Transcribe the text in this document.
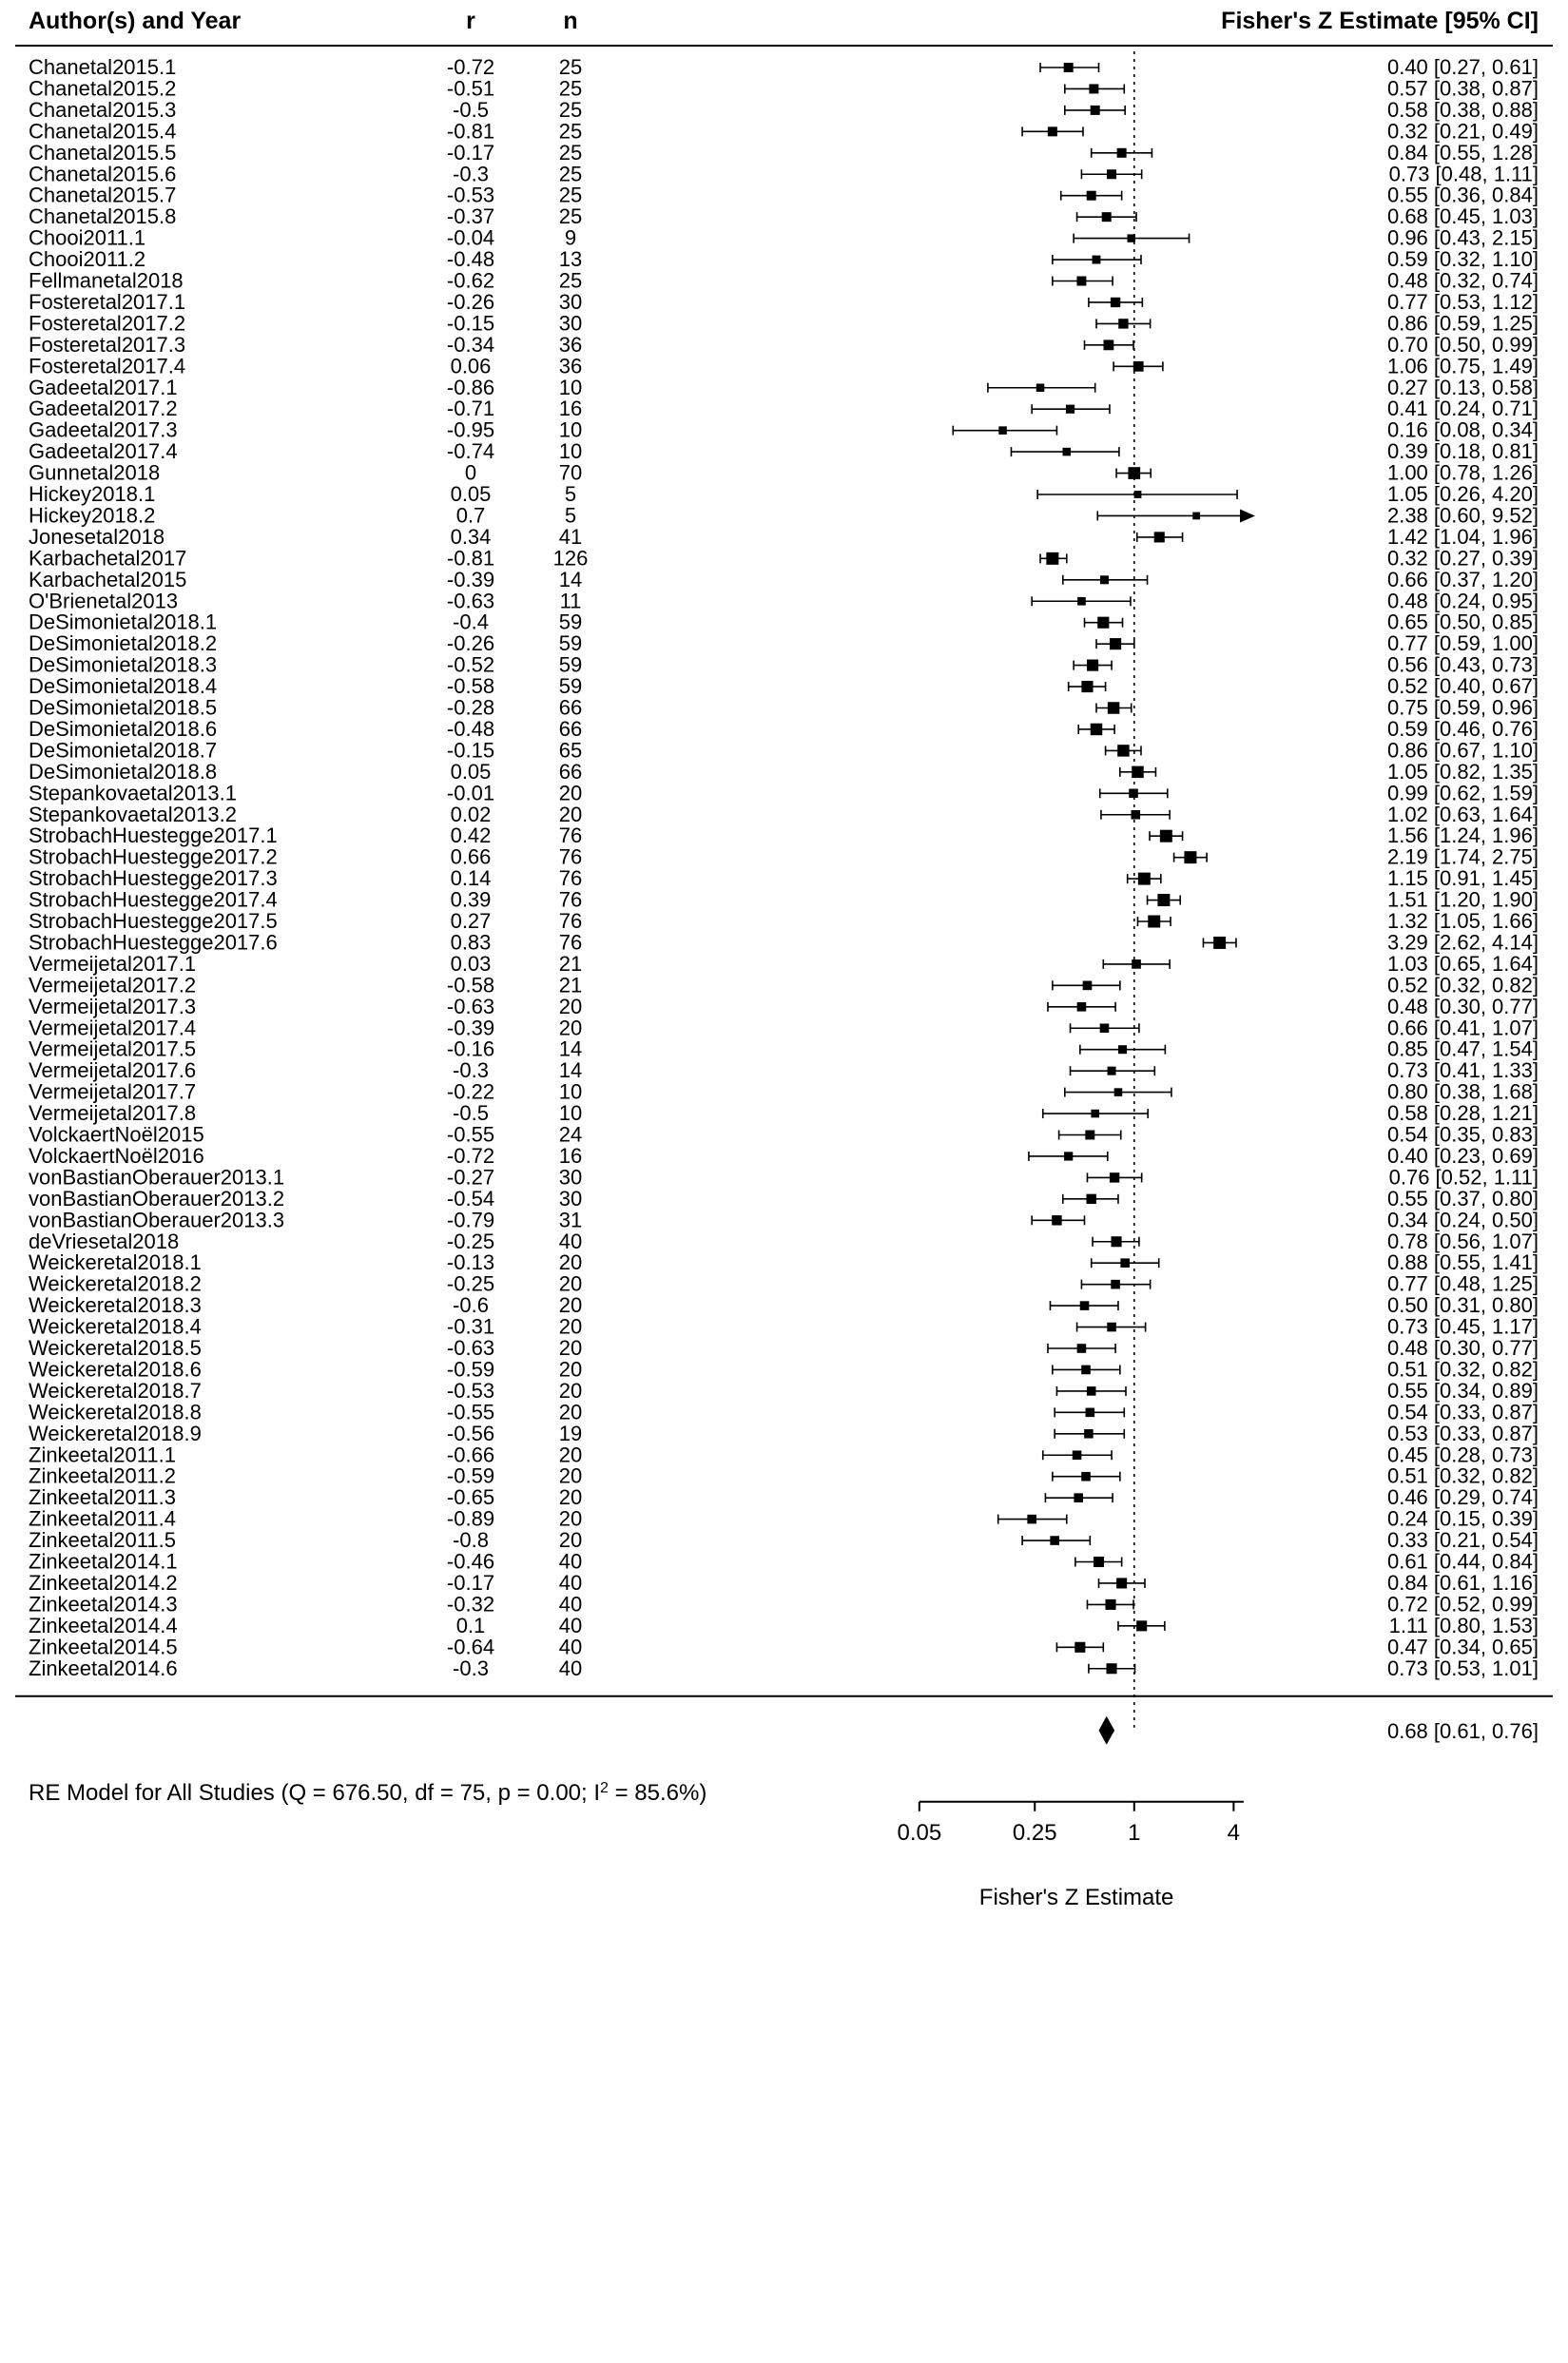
Author(s) and Year	r	n	Fisher's Z Estimate [95% CI]
Chanetal2015.1	-0.72	25	0.40 [0.27, 0.61]
Chanetal2015.2	-0.51	25	0.57 [0.38, 0.87]
Chanetal2015.3	-0.5	25	0.58 [0.38, 0.88]
Chanetal2015.4	-0.81	25	0.32 [0.21, 0.49]
Chanetal2015.5	-0.17	25	0.84 [0.55, 1.28]
Chanetal2015.6	-0.3	25	0.73 [0.48, 1.11]
Chanetal2015.7	-0.53	25	0.55 [0.36, 0.84]
Chanetal2015.8	-0.37	25	0.68 [0.45, 1.03]
Chooi2011.1	-0.04	9	0.96 [0.43, 2.15]
Chooi2011.2	-0.48	13	0.59 [0.32, 1.10]
Fellmanetal2018	-0.62	25	0.48 [0.32, 0.74]
Fosteretal2017.1	-0.26	30	0.77 [0.53, 1.12]
Fosteretal2017.2	-0.15	30	0.86 [0.59, 1.25]
Fosteretal2017.3	-0.34	36	0.70 [0.50, 0.99]
Fosteretal2017.4	0.06	36	1.06 [0.75, 1.49]
Gadeetal2017.1	-0.86	10	0.27 [0.13, 0.58]
Gadeetal2017.2	-0.71	16	0.41 [0.24, 0.71]
Gadeetal2017.3	-0.95	10	0.16 [0.08, 0.34]
Gadeetal2017.4	-0.74	10	0.39 [0.18, 0.81]
Gunnetal2018	0	70	1.00 [0.78, 1.26]
Hickey2018.1	0.05	5	1.05 [0.26, 4.20]
Hickey2018.2	0.7	5	2.38 [0.60, 9.52]
Jonesetal2018	0.34	41	1.42 [1.04, 1.96]
Karbachetal2017	-0.81	126	0.32 [0.27, 0.39]
Karbachetal2015	-0.39	14	0.66 [0.37, 1.20]
O'Brienetal2013	-0.63	11	0.48 [0.24, 0.95]
DeSimonietal2018.1	-0.4	59	0.65 [0.50, 0.85]
DeSimonietal2018.2	-0.26	59	0.77 [0.59, 1.00]
DeSimonietal2018.3	-0.52	59	0.56 [0.43, 0.73]
DeSimonietal2018.4	-0.58	59	0.52 [0.40, 0.67]
DeSimonietal2018.5	-0.28	66	0.75 [0.59, 0.96]
DeSimonietal2018.6	-0.48	66	0.59 [0.46, 0.76]
DeSimonietal2018.7	-0.15	65	0.86 [0.67, 1.10]
DeSimonietal2018.8	0.05	66	1.05 [0.82, 1.35]
Stepankovaetal2013.1	-0.01	20	0.99 [0.62, 1.59]
Stepankovaetal2013.2	0.02	20	1.02 [0.63, 1.64]
StrobachHuestegge2017.1	0.42	76	1.56 [1.24, 1.96]
StrobachHuestegge2017.2	0.66	76	2.19 [1.74, 2.75]
StrobachHuestegge2017.3	0.14	76	1.15 [0.91, 1.45]
StrobachHuestegge2017.4	0.39	76	1.51 [1.20, 1.90]
StrobachHuestegge2017.5	0.27	76	1.32 [1.05, 1.66]
StrobachHuestegge2017.6	0.83	76	3.29 [2.62, 4.14]
Vermeijetal2017.1	0.03	21	1.03 [0.65, 1.64]
Vermeijetal2017.2	-0.58	21	0.52 [0.32, 0.82]
Vermeijetal2017.3	-0.63	20	0.48 [0.30, 0.77]
Vermeijetal2017.4	-0.39	20	0.66 [0.41, 1.07]
Vermeijetal2017.5	-0.16	14	0.85 [0.47, 1.54]
Vermeijetal2017.6	-0.3	14	0.73 [0.41, 1.33]
Vermeijetal2017.7	-0.22	10	0.80 [0.38, 1.68]
Vermeijetal2017.8	-0.5	10	0.58 [0.28, 1.21]
VolckaertNoël2015	-0.55	24	0.54 [0.35, 0.83]
VolckaertNoël2016	-0.72	16	0.40 [0.23, 0.69]
vonBastianOberauer2013.1	-0.27	30	0.76 [0.52, 1.11]
vonBastianOberauer2013.2	-0.54	30	0.55 [0.37, 0.80]
vonBastianOberauer2013.3	-0.79	31	0.34 [0.24, 0.50]
deVriesetal2018	-0.25	40	0.78 [0.56, 1.07]
Weickeretal2018.1	-0.13	20	0.88 [0.55, 1.41]
Weickeretal2018.2	-0.25	20	0.77 [0.48, 1.25]
Weickeretal2018.3	-0.6	20	0.50 [0.31, 0.80]
Weickeretal2018.4	-0.31	20	0.73 [0.45, 1.17]
Weickeretal2018.5	-0.63	20	0.48 [0.30, 0.77]
Weickeretal2018.6	-0.59	20	0.51 [0.32, 0.82]
Weickeretal2018.7	-0.53	20	0.55 [0.34, 0.89]
Weickeretal2018.8	-0.55	20	0.54 [0.33, 0.87]
Weickeretal2018.9	-0.56	19	0.53 [0.33, 0.87]
Zinkeetal2011.1	-0.66	20	0.45 [0.28, 0.73]
Zinkeetal2011.2	-0.59	20	0.51 [0.32, 0.82]
Zinkeetal2011.3	-0.65	20	0.46 [0.29, 0.74]
Zinkeetal2011.4	-0.89	20	0.24 [0.15, 0.39]
Zinkeetal2011.5	-0.8	20	0.33 [0.21, 0.54]
Zinkeetal2014.1	-0.46	40	0.61 [0.44, 0.84]
Zinkeetal2014.2	-0.17	40	0.84 [0.61, 1.16]
Zinkeetal2014.3	-0.32	40	0.72 [0.52, 0.99]
Zinkeetal2014.4	0.1	40	1.11 [0.80, 1.53]
Zinkeetal2014.5	-0.64	40	0.47 [0.34, 0.65]
Zinkeetal2014.6	-0.3	40	0.73 [0.53, 1.01]
0.68 [0.61, 0.76]
RE Model for All Studies (Q = 676.50, df = 75, p = 0.00; $I^2 = 85.6\%$)
0.05	0.25	1	4
Fisher's Z Estimate
